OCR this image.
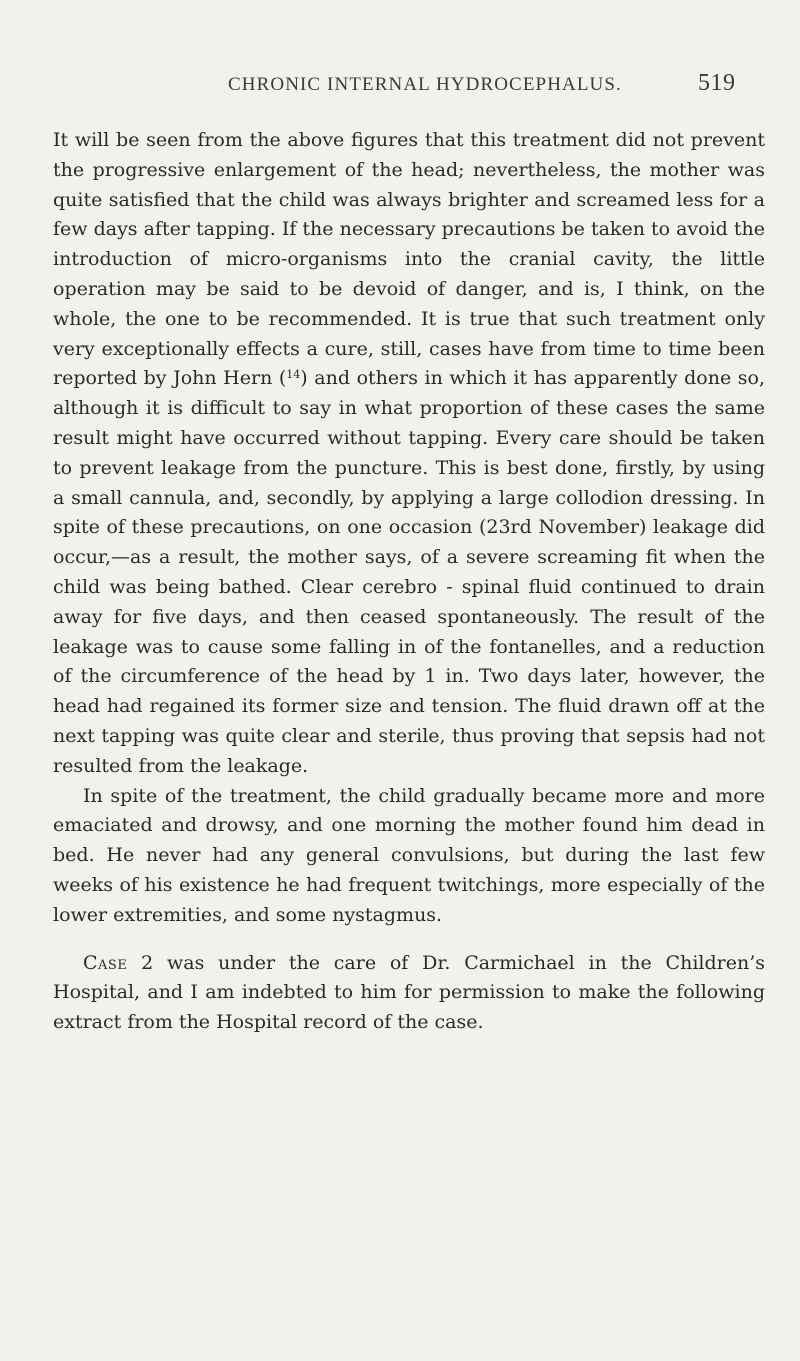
CHRONIC INTERNAL HYDROCEPHALUS.	519

It will be seen from the above figures that this treatment did not prevent the progressive enlargement of the head; nevertheless, the mother was quite satisfied that the child was always brighter and screamed less for a few days after tapping. If the necessary precautions be taken to avoid the introduction of micro-organisms into the cranial cavity, the little operation may be said to be devoid of danger, and is, I think, on the whole, the one to be recommended. It is true that such treatment only very exceptionally effects a cure, still, cases have from time to time been reported by John Hern ($^{14}$) and others in which it has apparently done so, although it is difficult to say in what proportion of these cases the same result might have occurred without tapping. Every care should be taken to prevent leakage from the puncture. This is best done, firstly, by using a small cannula, and, secondly, by applying a large collodion dressing. In spite of these precautions, on one occasion (23rd November) leakage did occur,—as a result, the mother says, of a severe screaming fit when the child was being bathed. Clear cerebro - spinal fluid continued to drain away for five days, and then ceased spontaneously. The result of the leakage was to cause some falling in of the fontanelles, and a reduction of the circumference of the head by 1 in. Two days later, however, the head had regained its former size and tension. The fluid drawn off at the next tapping was quite clear and sterile, thus proving that sepsis had not resulted from the leakage.

In spite of the treatment, the child gradually became more and more emaciated and drowsy, and one morning the mother found him dead in bed. He never had any general convulsions, but during the last few weeks of his existence he had frequent twitchings, more especially of the lower extremities, and some nystagmus.

Case 2 was under the care of Dr. Carmichael in the Children’s Hospital, and I am indebted to him for permission to make the following extract from the Hospital record of the case.
